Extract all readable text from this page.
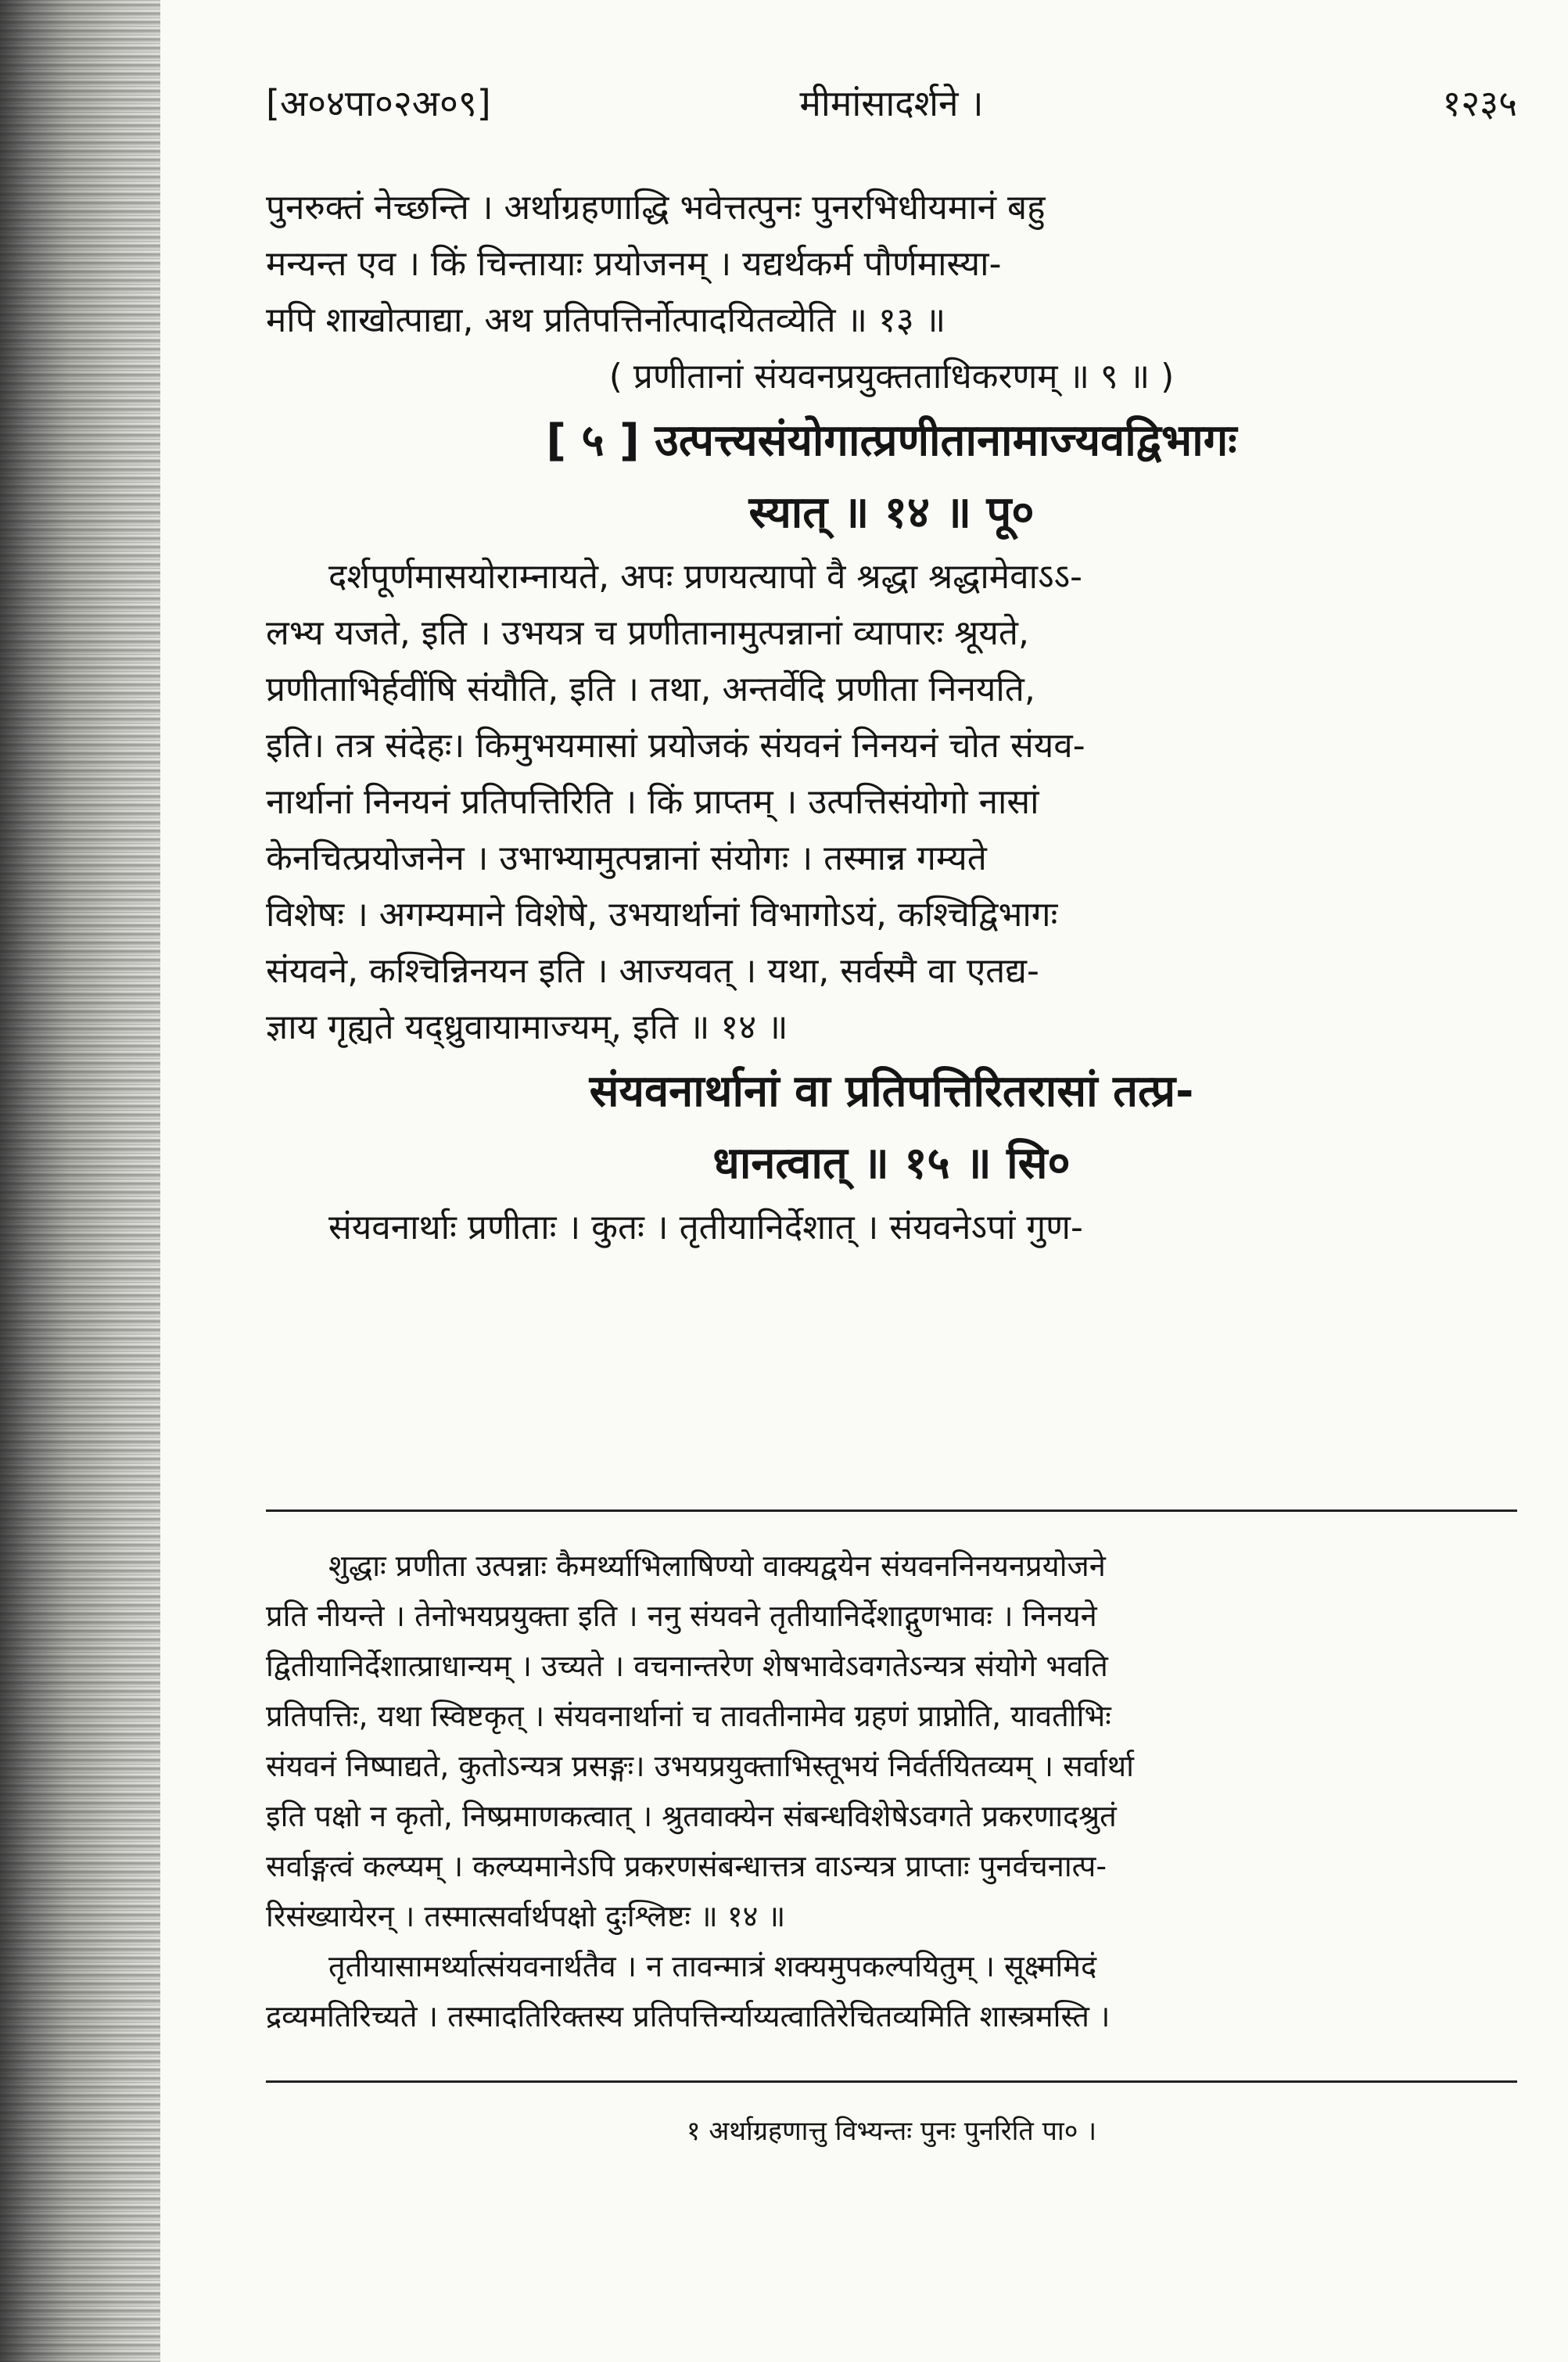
[अ०४पा०२अ०९]	मीमांसादर्शने ।	१२३५
पुनरुक्तं नेच्छन्ति । अर्थाग्रहणाद्धि भवेत्तत्पुनः पुनरभिधीयमानं बहु
मन्यन्त एव । किं चिन्तायाः प्रयोजनम् । यद्यर्थकर्म पौर्णमास्या-
मपि शाखोत्पाद्या, अथ प्रतिपत्तिर्नोत्पादयितव्येति ॥ १३ ॥
( प्रणीतानां संयवनप्रयुक्तताधिकरणम् ॥ ९ ॥ )
[ ५ ] उत्पत्त्यसंयोगात्प्रणीतानामाज्यवद्विभागः
स्यात् ॥ १४ ॥ पू०
दर्शपूर्णमासयोराम्नायते, अपः प्रणयत्यापो वै श्रद्धा श्रद्धामेवाऽऽ-
लभ्य यजते, इति । उभयत्र च प्रणीतानामुत्पन्नानां व्यापारः श्रूयते,
प्रणीताभिर्हवींषि संयौति, इति । तथा, अन्तर्वेदि प्रणीता निनयति,
इति। तत्र संदेहः। किमुभयमासां प्रयोजकं संयवनं निनयनं चोत संयव-
नार्थानां निनयनं प्रतिपत्तिरिति । किं प्राप्तम् । उत्पत्तिसंयोगो नासां
केनचित्प्रयोजनेन । उभाभ्यामुत्पन्नानां संयोगः । तस्मान्न गम्यते
विशेषः । अगम्यमाने विशेषे, उभयार्थानां विभागोऽयं, कश्चिद्विभागः
संयवने, कश्चिन्निनयन इति । आज्यवत् । यथा, सर्वस्मै वा एतद्य-
ज्ञाय गृह्यते यद्ध्रुवायामाज्यम्, इति ॥ १४ ॥
संयवनार्थानां वा प्रतिपत्तिरितरासां तत्प्र-
धानत्वात् ॥ १५ ॥ सि०
संयवनार्थाः प्रणीताः । कुतः । तृतीयानिर्देशात् । संयवनेऽपां गुण-
शुद्धाः प्रणीता उत्पन्नाः कैमर्थ्याभिलाषिण्यो वाक्यद्वयेन संयवननिनयनप्रयोजने
प्रति नीयन्ते । तेनोभयप्रयुक्ता इति । ननु संयवने तृतीयानिर्देशाद्गुणभावः । निनयने
द्वितीयानिर्देशात्प्राधान्यम् । उच्यते । वचनान्तरेण शेषभावेऽवगतेऽन्यत्र संयोगे भवति
प्रतिपत्तिः, यथा स्विष्टकृत् । संयवनार्थानां च तावतीनामेव ग्रहणं प्राप्नोति, यावतीभिः
संयवनं निष्पाद्यते, कुतोऽन्यत्र प्रसङ्गः। उभयप्रयुक्ताभिस्तूभयं निर्वर्तयितव्यम् । सर्वार्था
इति पक्षो न कृतो, निष्प्रमाणकत्वात् । श्रुतवाक्येन संबन्धविशेषेऽवगते प्रकरणादश्रुतं
सर्वाङ्गत्वं कल्प्यम् । कल्प्यमानेऽपि प्रकरणसंबन्धात्तत्र वाऽन्यत्र प्राप्ताः पुनर्वचनात्प-
रिसंख्यायेरन् । तस्मात्सर्वार्थपक्षो दुःश्लिष्टः ॥ १४ ॥
तृतीयासामर्थ्यात्संयवनार्थतैव । न तावन्मात्रं शक्यमुपकल्पयितुम् । सूक्ष्ममिदं
द्रव्यमतिरिच्यते । तस्मादतिरिक्तस्य प्रतिपत्तिर्न्याय्यत्वातिरेचितव्यमिति शास्त्रमस्ति ।
१ अर्थाग्रहणात्तु विभ्यन्तः पुनः पुनरिति पा० ।
